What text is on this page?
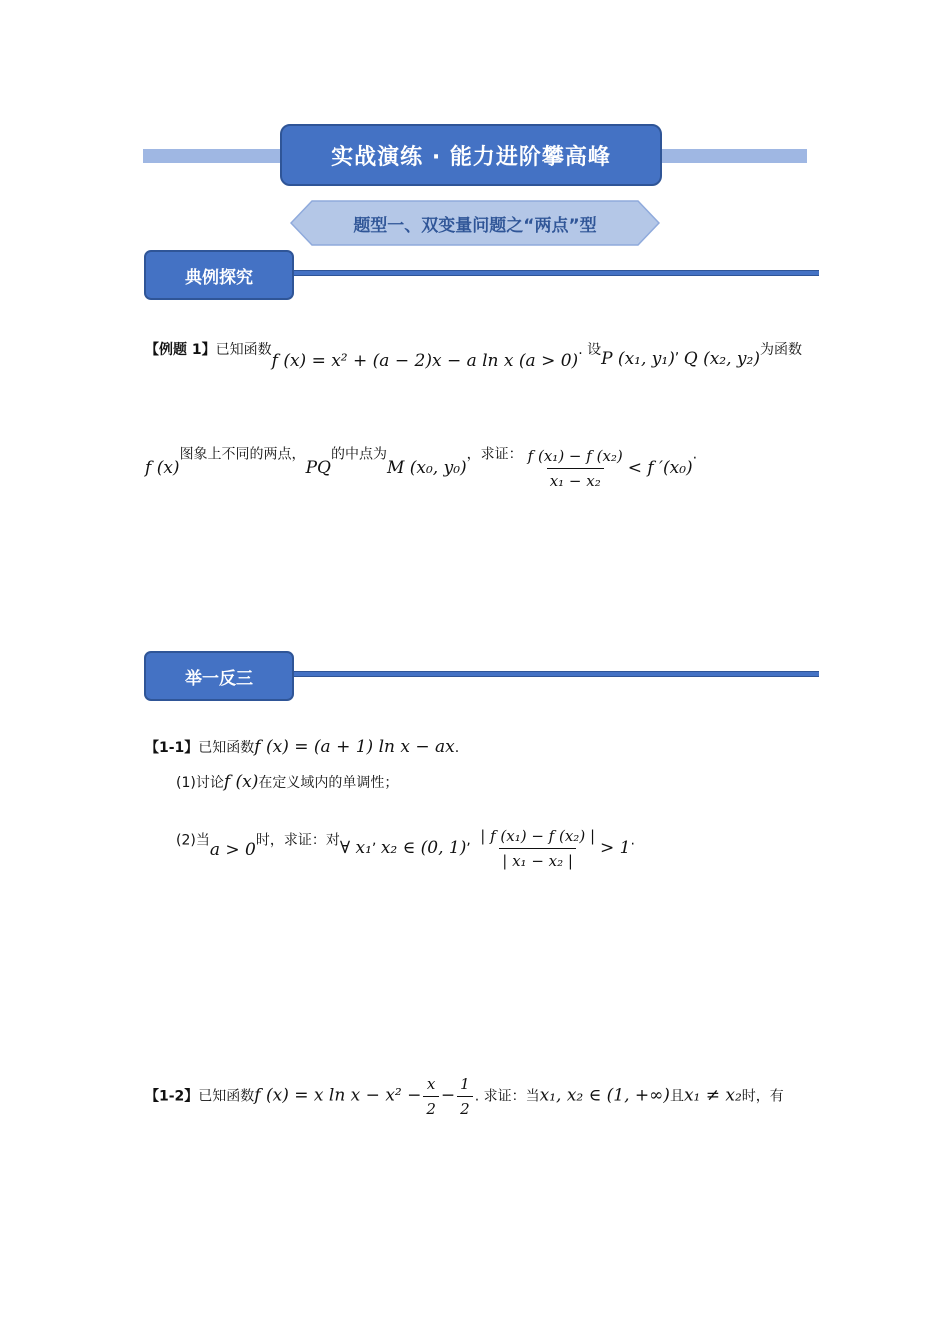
实战演练 · 能力进阶攀高峰
题型一、双变量问题之“两点”型
典例探究
【例题 1】已知函数f (x) = x² + (a − 2)x − a ln x (a > 0). 设P (x₁, y₁), Q (x₂, y₂)为函数
f (x)图象上不同的两点，PQ的中点为M (x₀, y₀)，求证： $\frac{\text{f (x₁) − f (x₂)}}{\text{x₁ − x₂}} < f$ ′(x₀).
举一反三
【1-1】已知函数f (x) = (a + 1) ln x − ax.
(1)讨论f (x)在定义域内的单调性；
(2)当a > 0时，求证：对∀ x₁, x₂ ∈ (0, 1), $\frac{\text{| f (x₁) − f (x₂) |}}{\text{| x₁ − x₂ |}} > 1$.
【1-2】已知函数f (x) = x $\ln x - x^2 - \frac{x}{2} - \frac{1}{2}$ . 求证：当x₁, x₂ ∈ (1, +∞)且x₁ ≠ x₂时，有
